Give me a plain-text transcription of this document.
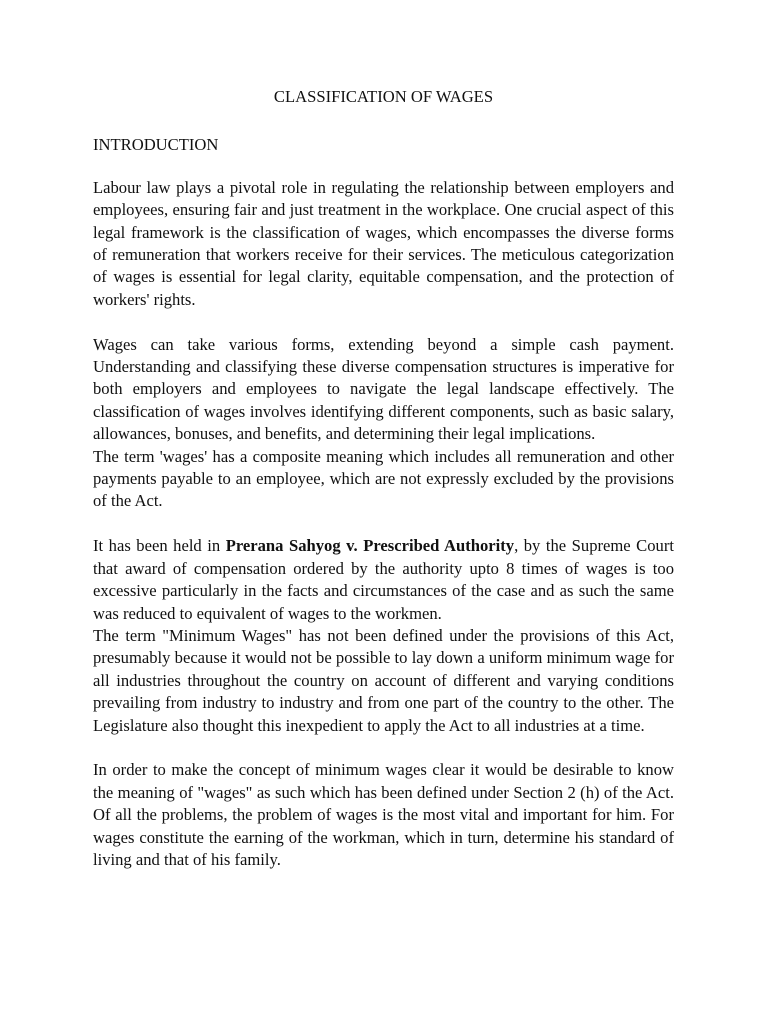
CLASSIFICATION OF WAGES
INTRODUCTION

Labour law plays a pivotal role in regulating the relationship between employers and employees, ensuring fair and just treatment in the workplace. One crucial aspect of this legal framework is the classification of wages, which encompasses the diverse forms of remuneration that workers receive for their services. The meticulous categorization of wages is essential for legal clarity, equitable compensation, and the protection of workers' rights.

Wages can take various forms, extending beyond a simple cash payment. Understanding and classifying these diverse compensation structures is imperative for both employers and employees to navigate the legal landscape effectively. The classification of wages involves identifying different components, such as basic salary, allowances, bonuses, and benefits, and determining their legal implications.

The term 'wages' has a composite meaning which includes all remuneration and other payments payable to an employee, which are not expressly excluded by the provisions of the Act.

It has been held in Prerana Sahyog v. Prescribed Authority, by the Supreme Court that award of compensation ordered by the authority upto 8 times of wages is too excessive particularly in the facts and circumstances of the case and as such the same was reduced to equivalent of wages to the workmen.

The term "Minimum Wages" has not been defined under the provisions of this Act, presumably because it would not be possible to lay down a uniform minimum wage for all industries throughout the country on account of different and varying conditions prevailing from industry to industry and from one part of the country to the other. The Legislature also thought this inexpedient to apply the Act to all industries at a time.

In order to make the concept of minimum wages clear it would be desirable to know the meaning of "wages" as such which has been defined under Section 2 (h) of the Act. Of all the problems, the problem of wages is the most vital and important for him. For wages constitute the earning of the workman, which in turn, determine his standard of living and that of his family.
